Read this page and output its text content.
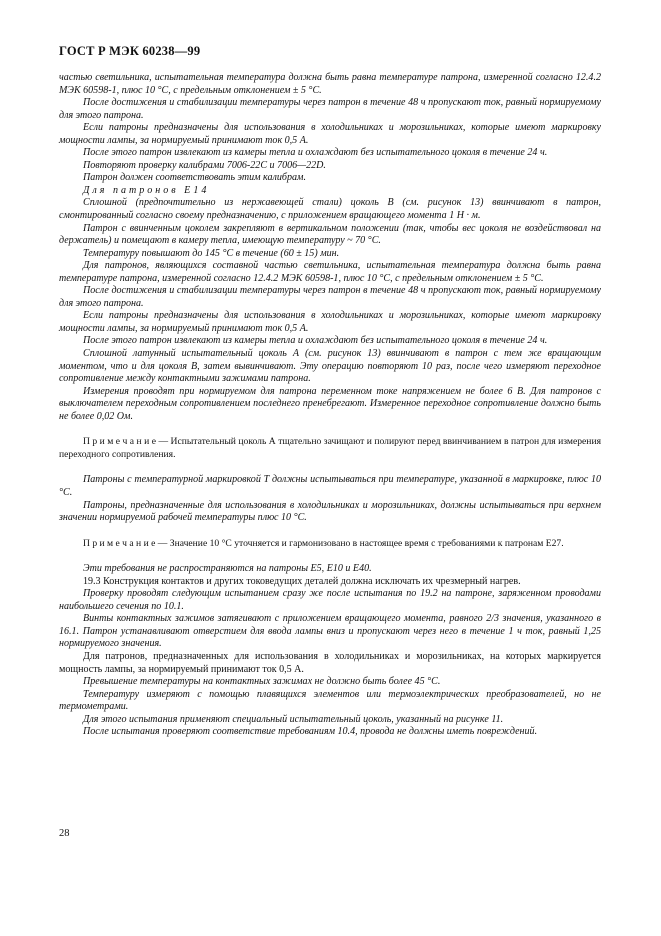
ГОСТ Р МЭК 60238—99

частью светильника, испытательная температура должна быть равна температуре патрона, измеренной согласно 12.4.2 МЭК 60598-1, плюс 10 °С, с предельным отклонением ± 5 °С.

После достижения и стабилизации температуры через патрон в течение 48 ч пропускают ток, равный нормируемому для этого патрона.

Если патроны предназначены для использования в холодильниках и морозильниках, которые имеют маркировку мощности лампы, за нормируемый принимают ток 0,5 А.

После этого патрон извлекают из камеры тепла и охлаждают без испытательного цоколя в течение 24 ч.

Повторяют проверку калибрами 7006-22С и 7006—22D.

Патрон должен соответствовать этим калибрам.

Для патронов Е14

Сплошной (предпочтительно из нержавеющей стали) цоколь В (см. рисунок 13) ввинчивают в патрон, смонтированный согласно своему предназначению, с приложением вращающего момента 1 Н · м.

Патрон с ввинченным цоколем закрепляют в вертикальном положении (так, чтобы вес цоколя не воздействовал на держатель) и помещают в камеру тепла, имеющую температуру ~ 70 °С.

Температуру повышают до 145 °С в течение (60 ± 15) мин.

Для патронов, являющихся составной частью светильника, испытательная температура должна быть равна температуре патрона, измеренной согласно 12.4.2 МЭК 60598-1, плюс 10 °С, с предельным отклонением ± 5 °С.

После достижения и стабилизации температуры через патрон в течение 48 ч пропускают ток, равный нормируемому для этого патрона.

Если патроны предназначены для использования в холодильниках и морозильниках, которые имеют маркировку мощности лампы, за нормируемый принимают ток 0,5 А.

После этого патрон извлекают из камеры тепла и охлаждают без испытательного цоколя в течение 24 ч.

Сплошной латунный испытательный цоколь А (см. рисунок 13) ввинчивают в патрон с тем же вращающим моментом, что и для цоколя В, затем вывинчивают. Эту операцию повторяют 10 раз, после чего измеряют переходное сопротивление между контактными зажимами патрона.

Измерения проводят при нормируемом для патрона переменном токе напряжением не более 6 В. Для патронов с выключателем переходным сопротивлением последнего пренебрегают. Измеренное переходное сопротивление должно быть не более 0,02 Ом.

П р и м е ч а н и е — Испытательный цоколь А тщательно зачищают и полируют перед ввинчиванием в патрон для измерения переходного сопротивления.

Патроны с температурной маркировкой Т должны испытываться при температуре, указанной в маркировке, плюс 10 °С.

Патроны, предназначенные для использования в холодильниках и морозильниках, должны испытываться при верхнем значении нормируемой рабочей температуры плюс 10 °С.

П р и м е ч а н и е — Значение 10 °С уточняется и гармонизовано в настоящее время с требованиями к патронам Е27.

Эти требования не распространяются на патроны Е5, Е10 и Е40.

19.3 Конструкция контактов и других токоведущих деталей должна исключать их чрезмерный нагрев.

Проверку проводят следующим испытанием сразу же после испытания по 19.2 на патроне, заряженном проводами наибольшего сечения по 10.1.

Винты контактных зажимов затягивают с приложением вращающего момента, равного 2/3 значения, указанного в 16.1. Патрон устанавливают отверстием для ввода лампы вниз и пропускают через него в течение 1 ч ток, равный 1,25 нормируемого значения.

Для патронов, предназначенных для использования в холодильниках и морозильниках, на которых маркируется мощность лампы, за нормируемый принимают ток 0,5 А.

Превышение температуры на контактных зажимах не должно быть более 45 °С.

Температуру измеряют с помощью плавящихся элементов или термоэлектрических преобразователей, но не термометрами.

Для этого испытания применяют специальный испытательный цоколь, указанный на рисунке 11.

После испытания проверяют соответствие требованиям 10.4, провода не должны иметь повреждений.

28
